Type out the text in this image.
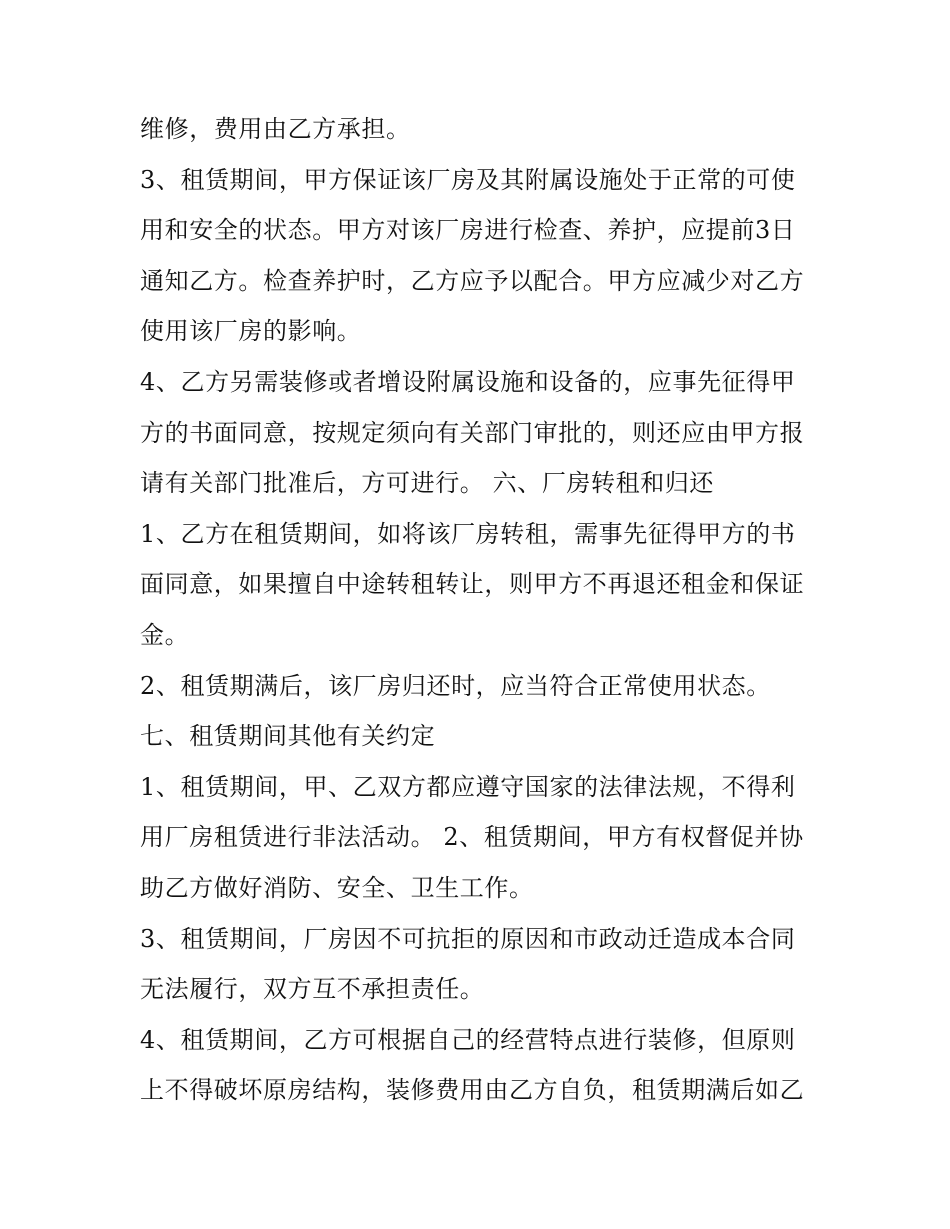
维修，费用由乙方承担。
3、租赁期间，甲方保证该厂房及其附属设施处于正常的可使
用和安全的状态。甲方对该厂房进行检查、养护，应提前3日
通知乙方。检查养护时，乙方应予以配合。甲方应减少对乙方
使用该厂房的影响。
4、乙方另需装修或者增设附属设施和设备的，应事先征得甲
方的书面同意，按规定须向有关部门审批的，则还应由甲方报
请有关部门批准后，方可进行。 六、厂房转租和归还
1、乙方在租赁期间，如将该厂房转租，需事先征得甲方的书
面同意，如果擅自中途转租转让，则甲方不再退还租金和保证
金。
2、租赁期满后，该厂房归还时，应当符合正常使用状态。
七、租赁期间其他有关约定
1、租赁期间，甲、乙双方都应遵守国家的法律法规，不得利
用厂房租赁进行非法活动。 2、租赁期间，甲方有权督促并协
助乙方做好消防、安全、卫生工作。
3、租赁期间，厂房因不可抗拒的原因和市政动迁造成本合同
无法履行，双方互不承担责任。
4、租赁期间，乙方可根据自己的经营特点进行装修，但原则
上不得破坏原房结构，装修费用由乙方自负，租赁期满后如乙
